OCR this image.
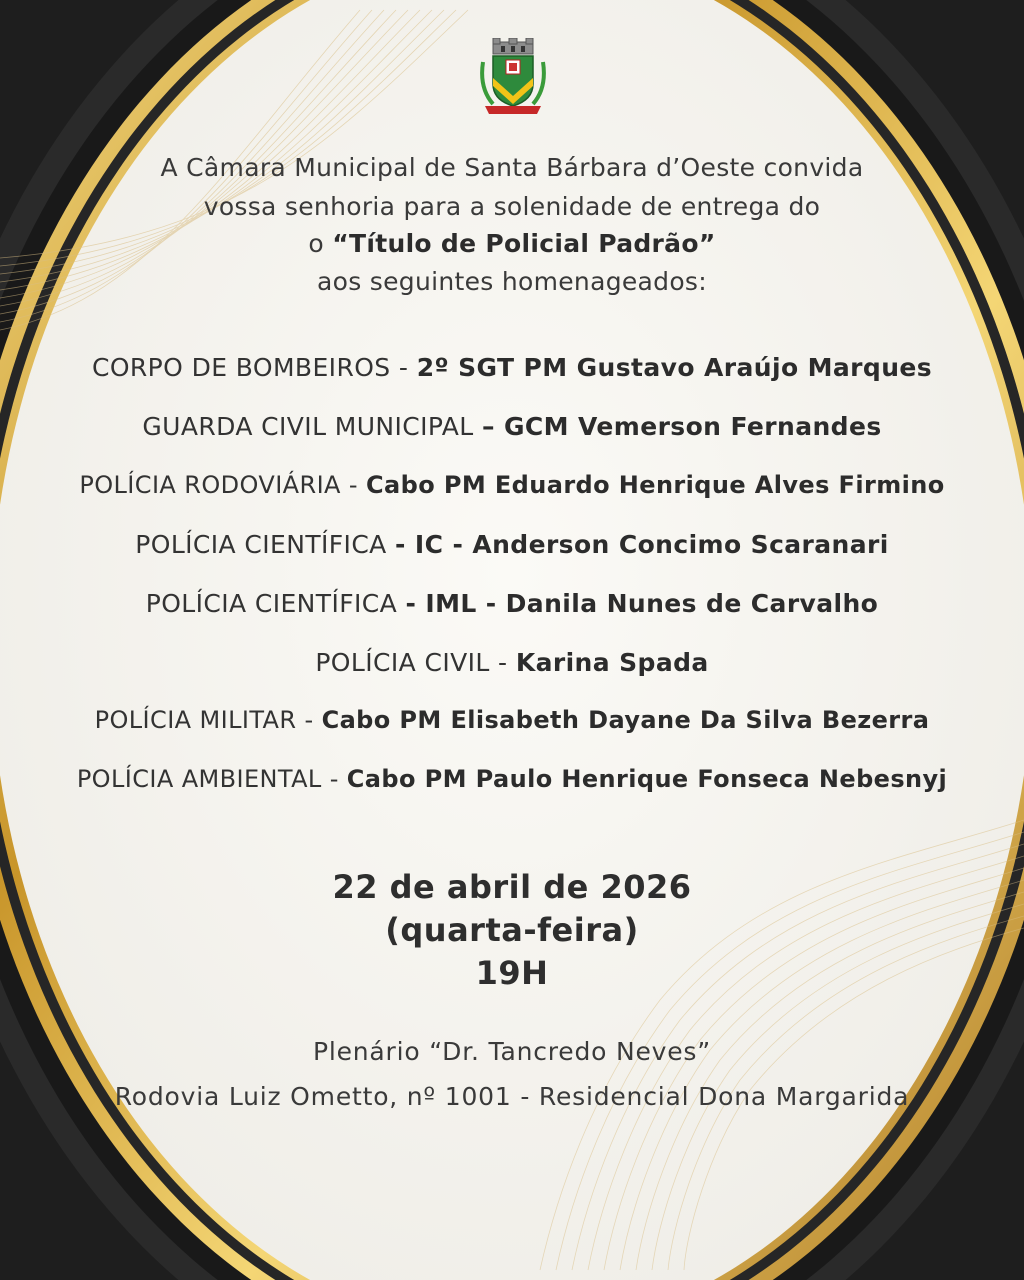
A Câmara Municipal de Santa Bárbara d’Oeste convida
vossa senhoria para a solenidade de entrega do
o “Título de Policial Padrão”
aos seguintes homenageados:
CORPO DE BOMBEIROS - 2º SGT PM Gustavo Araújo Marques
GUARDA CIVIL MUNICIPAL – GCM Vemerson Fernandes
POLÍCIA RODOVIÁRIA - Cabo PM Eduardo Henrique Alves Firmino
POLÍCIA CIENTÍFICA - IC - Anderson Concimo Scaranari
POLÍCIA CIENTÍFICA - IML - Danila Nunes de Carvalho
POLÍCIA CIVIL - Karina Spada
POLÍCIA MILITAR - Cabo PM Elisabeth Dayane Da Silva Bezerra
POLÍCIA AMBIENTAL - Cabo PM Paulo Henrique Fonseca Nebesnyj
22 de abril de 2026
(quarta-feira)
19H
Plenário “Dr. Tancredo Neves”
Rodovia Luiz Ometto, nº 1001 - Residencial Dona Margarida
